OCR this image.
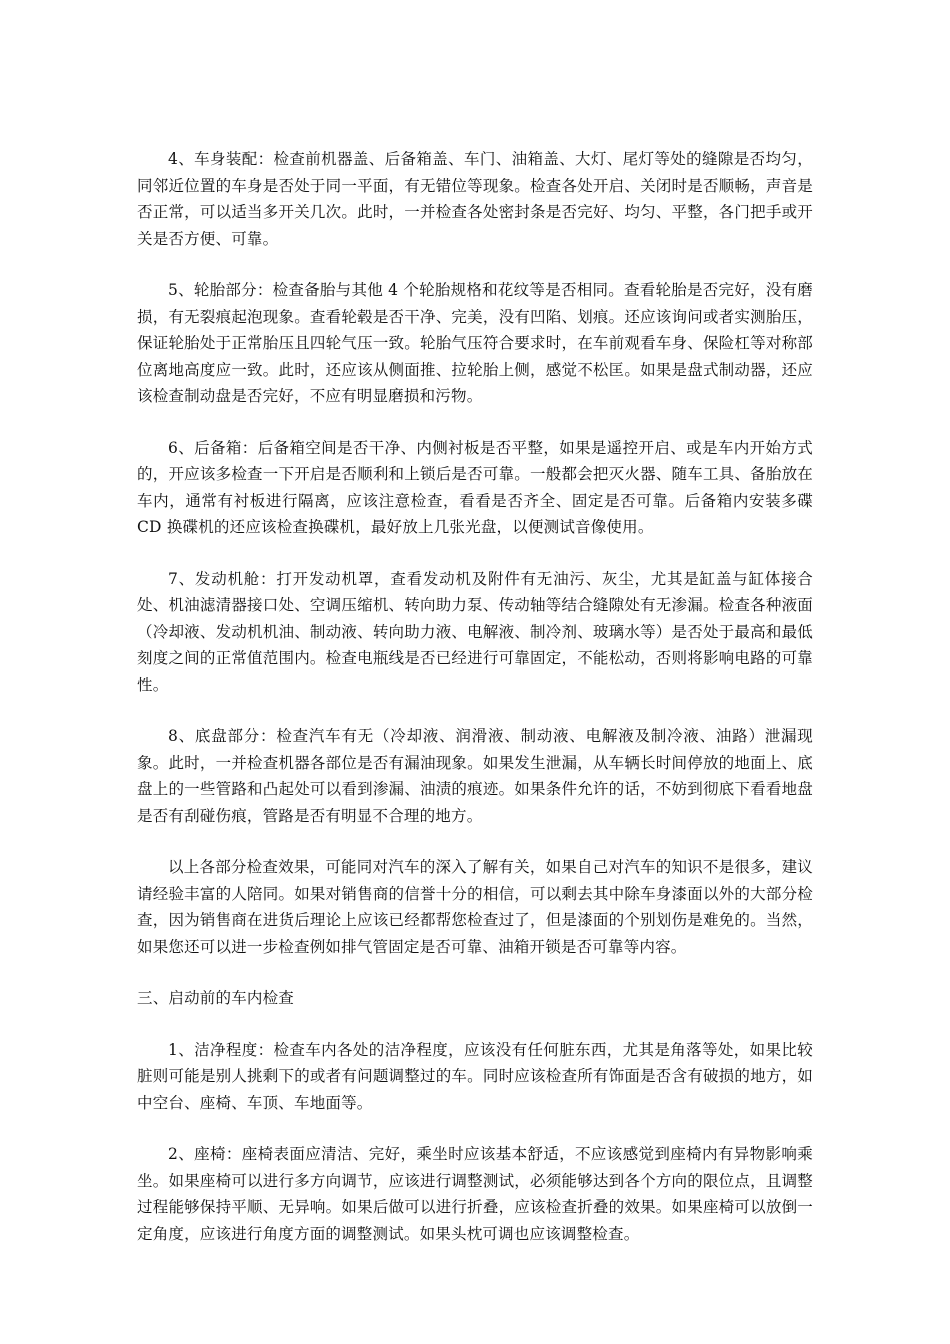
4、车身装配：检查前机器盖、后备箱盖、车门、油箱盖、大灯、尾灯等处的缝隙是否均匀，同邻近位置的车身是否处于同一平面，有无错位等现象。检查各处开启、关闭时是否顺畅，声音是否正常，可以适当多开关几次。此时，一并检查各处密封条是否完好、均匀、平整，各门把手或开关是否方便、可靠。

5、轮胎部分：检查备胎与其他 4 个轮胎规格和花纹等是否相同。查看轮胎是否完好，没有磨损，有无裂痕起泡现象。查看轮毂是否干净、完美，没有凹陷、划痕。还应该询问或者实测胎压，保证轮胎处于正常胎压且四轮气压一致。轮胎气压符合要求时，在车前观看车身、保险杠等对称部位离地高度应一致。此时，还应该从侧面推、拉轮胎上侧，感觉不松匡。如果是盘式制动器，还应该检查制动盘是否完好，不应有明显磨损和污物。

6、后备箱：后备箱空间是否干净、内侧衬板是否平整，如果是遥控开启、或是车内开始方式的，开应该多检查一下开启是否顺利和上锁后是否可靠。一般都会把灭火器、随车工具、备胎放在车内，通常有衬板进行隔离，应该注意检查，看看是否齐全、固定是否可靠。后备箱内安装多碟 CD 换碟机的还应该检查换碟机，最好放上几张光盘，以便测试音像使用。

7、发动机舱：打开发动机罩，查看发动机及附件有无油污、灰尘，尤其是缸盖与缸体接合处、机油滤清器接口处、空调压缩机、转向助力泵、传动轴等结合缝隙处有无渗漏。检查各种液面（冷却液、发动机机油、制动液、转向助力液、电解液、制冷剂、玻璃水等）是否处于最高和最低刻度之间的正常值范围内。检查电瓶线是否已经进行可靠固定，不能松动，否则将影响电路的可靠性。

8、底盘部分：检查汽车有无（冷却液、润滑液、制动液、电解液及制冷液、油路）泄漏现象。此时，一并检查机器各部位是否有漏油现象。如果发生泄漏，从车辆长时间停放的地面上、底盘上的一些管路和凸起处可以看到渗漏、油渍的痕迹。如果条件允许的话，不妨到彻底下看看地盘是否有刮碰伤痕，管路是否有明显不合理的地方。

以上各部分检查效果，可能同对汽车的深入了解有关，如果自己对汽车的知识不是很多，建议请经验丰富的人陪同。如果对销售商的信誉十分的相信，可以剩去其中除车身漆面以外的大部分检查，因为销售商在进货后理论上应该已经都帮您检查过了，但是漆面的个别划伤是难免的。当然，如果您还可以进一步检查例如排气管固定是否可靠、油箱开锁是否可靠等内容。

三、启动前的车内检查

1、洁净程度：检查车内各处的洁净程度，应该没有任何脏东西，尤其是角落等处，如果比较脏则可能是别人挑剩下的或者有问题调整过的车。同时应该检查所有饰面是否含有破损的地方，如中空台、座椅、车顶、车地面等。

2、座椅：座椅表面应清洁、完好，乘坐时应该基本舒适，不应该感觉到座椅内有异物影响乘坐。如果座椅可以进行多方向调节，应该进行调整测试，必须能够达到各个方向的限位点，且调整过程能够保持平顺、无异响。如果后做可以进行折叠，应该检查折叠的效果。如果座椅可以放倒一定角度，应该进行角度方面的调整测试。如果头枕可调也应该调整检查。
